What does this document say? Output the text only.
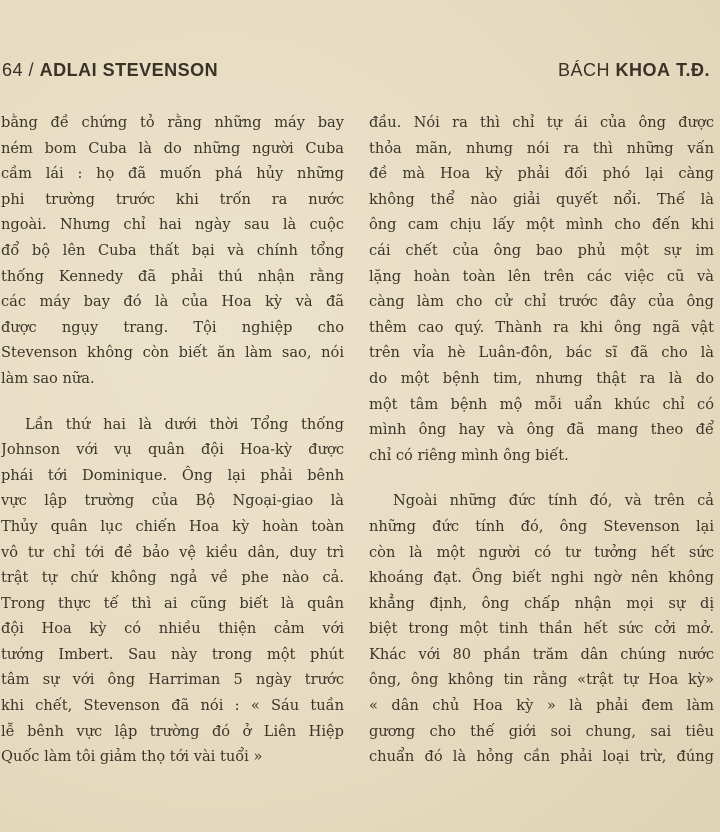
64 / ADLAI STEVENSON	BÁCH KHOA T.Đ.
bằng đề chứng tỏ rằng những máy bay
ném bom Cuba là do những người Cuba
cầm lái : họ đã muốn phá hủy những
phi trường trước khi trốn ra nước
ngoài. Nhưng chỉ hai ngày sau là cuộc
đổ bộ lên Cuba thất bại và chính tổng
thống Kennedy đã phải thú nhận rằng
các máy bay đó là của Hoa kỳ và đã
được ngụy trang. Tội nghiệp cho
Stevenson không còn biết ăn làm sao, nói
làm sao nữa.
Lần thứ hai là dưới thời Tổng thống
Johnson với vụ quân đội Hoa-kỳ được
phái tới Dominique. Ông lại phải bênh
vực lập trường của Bộ Ngoại-giao là
Thủy quân lục chiến Hoa kỳ hoàn toàn
vô tư chỉ tới đề bảo vệ kiều dân, duy trì
trật tự chứ không ngả về phe nào cả.
Trong thực tế thì ai cũng biết là quân
đội Hoa kỳ có nhiều thiện cảm với
tướng Imbert. Sau này trong một phút
tâm sự với ông Harriman 5 ngày trước
khi chết, Stevenson đã nói : « Sáu tuần
lễ bênh vực lập trường đó ở Liên Hiệp
Quốc làm tôi giảm thọ tới vài tuổi »
đầu. Nói ra thì chỉ tự ái của ông được
thỏa mãn, nhưng nói ra thì những vấn
đề mà Hoa kỳ phải đối phó lại càng
không thể nào giải quyết nổi. Thế là
ông cam chịu lấy một mình cho đến khi
cái chết của ông bao phủ một sự im
lặng hoàn toàn lên trên các việc cũ và
càng làm cho cử chỉ trước đây của ông
thêm cao quý. Thành ra khi ông ngã vật
trên vỉa hè Luân-đôn, bác sĩ đã cho là
do một bệnh tim, nhưng thật ra là do
một tâm bệnh mộ mỗi uẩn khúc chỉ có
mình ông hay và ông đã mang theo để
chỉ có riêng mình ông biết.
Ngoài những đức tính đó, và trên cả
những đức tính đó, ông Stevenson lại
còn là một người có tư tưởng hết sức
khoáng đạt. Ông biết nghi ngờ nên không
khẳng định, ông chấp nhận mọi sự dị
biệt trong một tinh thần hết sức cởi mở.
Khác với 80 phần trăm dân chúng nước
ông, ông không tin rằng «trật tự Hoa kỳ»
« dân chủ Hoa kỳ » là phải đem làm
gương cho thế giới soi chung, sai tiêu
chuẩn đó là hỏng cần phải loại trừ, đúng
